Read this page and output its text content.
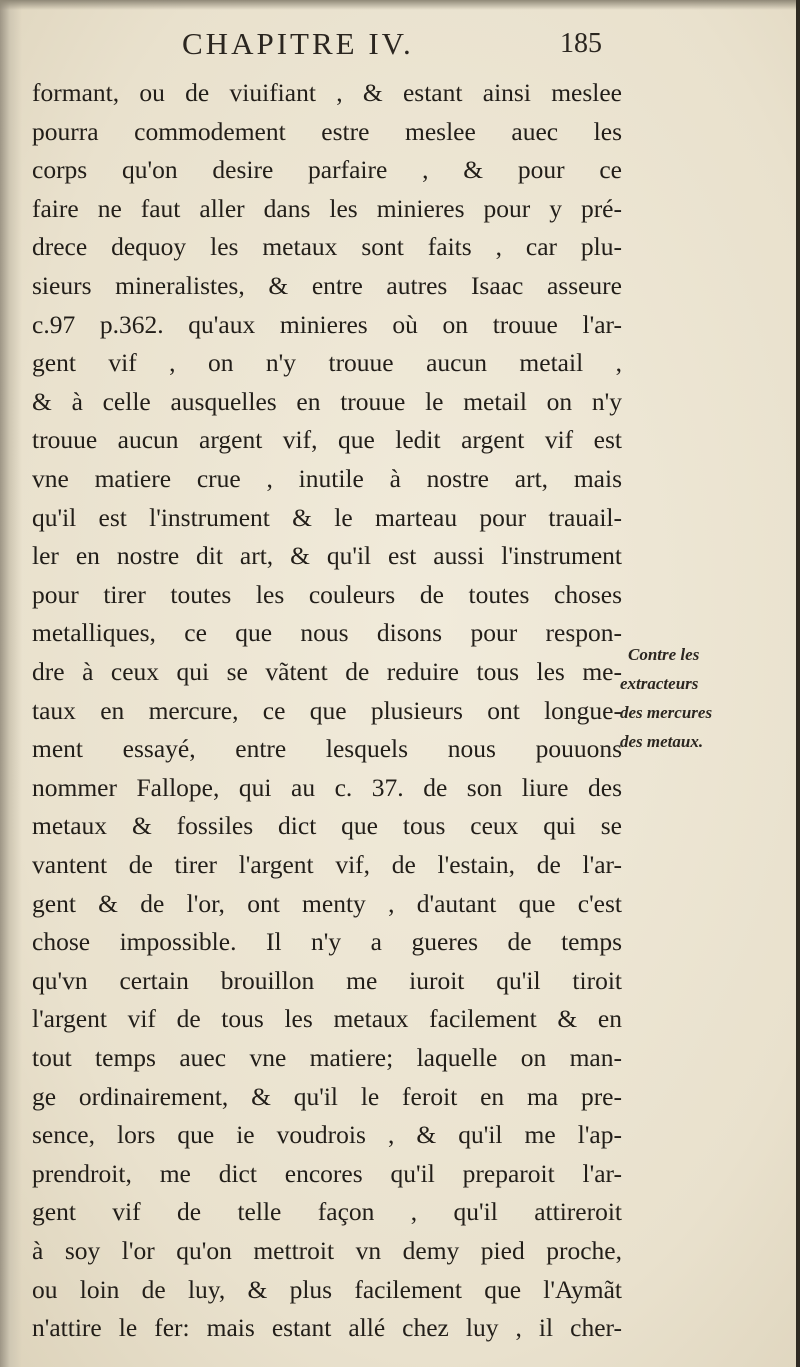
CHAPITRE IV.	185
formant, ou de viuifiant , & estant ainsi meslee
pourra commodement estre meslee auec les
corps qu'on desire parfaire , & pour ce
faire ne faut aller dans les minieres pour y pré-
drece dequoy les metaux sont faits , car plu-
sieurs mineralistes, & entre autres Isaac asseure
c.97 p.362. qu'aux minieres où on trouue l'ar-
gent vif , on n'y trouue aucun metail ,
& à celle ausquelles en trouue le metail on n'y
trouue aucun argent vif, que ledit argent vif est
vne matiere crue , inutile à nostre art, mais
qu'il est l'instrument & le marteau pour trauail-
ler en nostre dit art, & qu'il est aussi l'instrument
pour tirer toutes les couleurs de toutes choses
metalliques, ce que nous disons pour respon-
dre à ceux qui se vãtent de reduire tous les me-
taux en mercure, ce que plusieurs ont longue-
ment essayé, entre lesquels nous pouuons
nommer Fallope, qui au c. 37. de son liure des
metaux & fossiles dict que tous ceux qui se
vantent de tirer l'argent vif, de l'estain, de l'ar-
gent & de l'or, ont menty , d'autant que c'est
chose impossible. Il n'y a gueres de temps
qu'vn certain brouillon me iuroit qu'il tiroit
l'argent vif de tous les metaux facilement & en
tout temps auec vne matiere; laquelle on man-
ge ordinairement, & qu'il le feroit en ma pre-
sence, lors que ie voudrois , & qu'il me l'ap-
prendroit, me dict encores qu'il preparoit l'ar-
gent vif de telle façon , qu'il attireroit
à soy l'or qu'on mettroit vn demy pied proche,
ou loin de luy, & plus facilement que l'Aymãt
n'attire le fer: mais estant allé chez luy , il cher-
Contre les
extracteurs
des mercures
des metaux.
